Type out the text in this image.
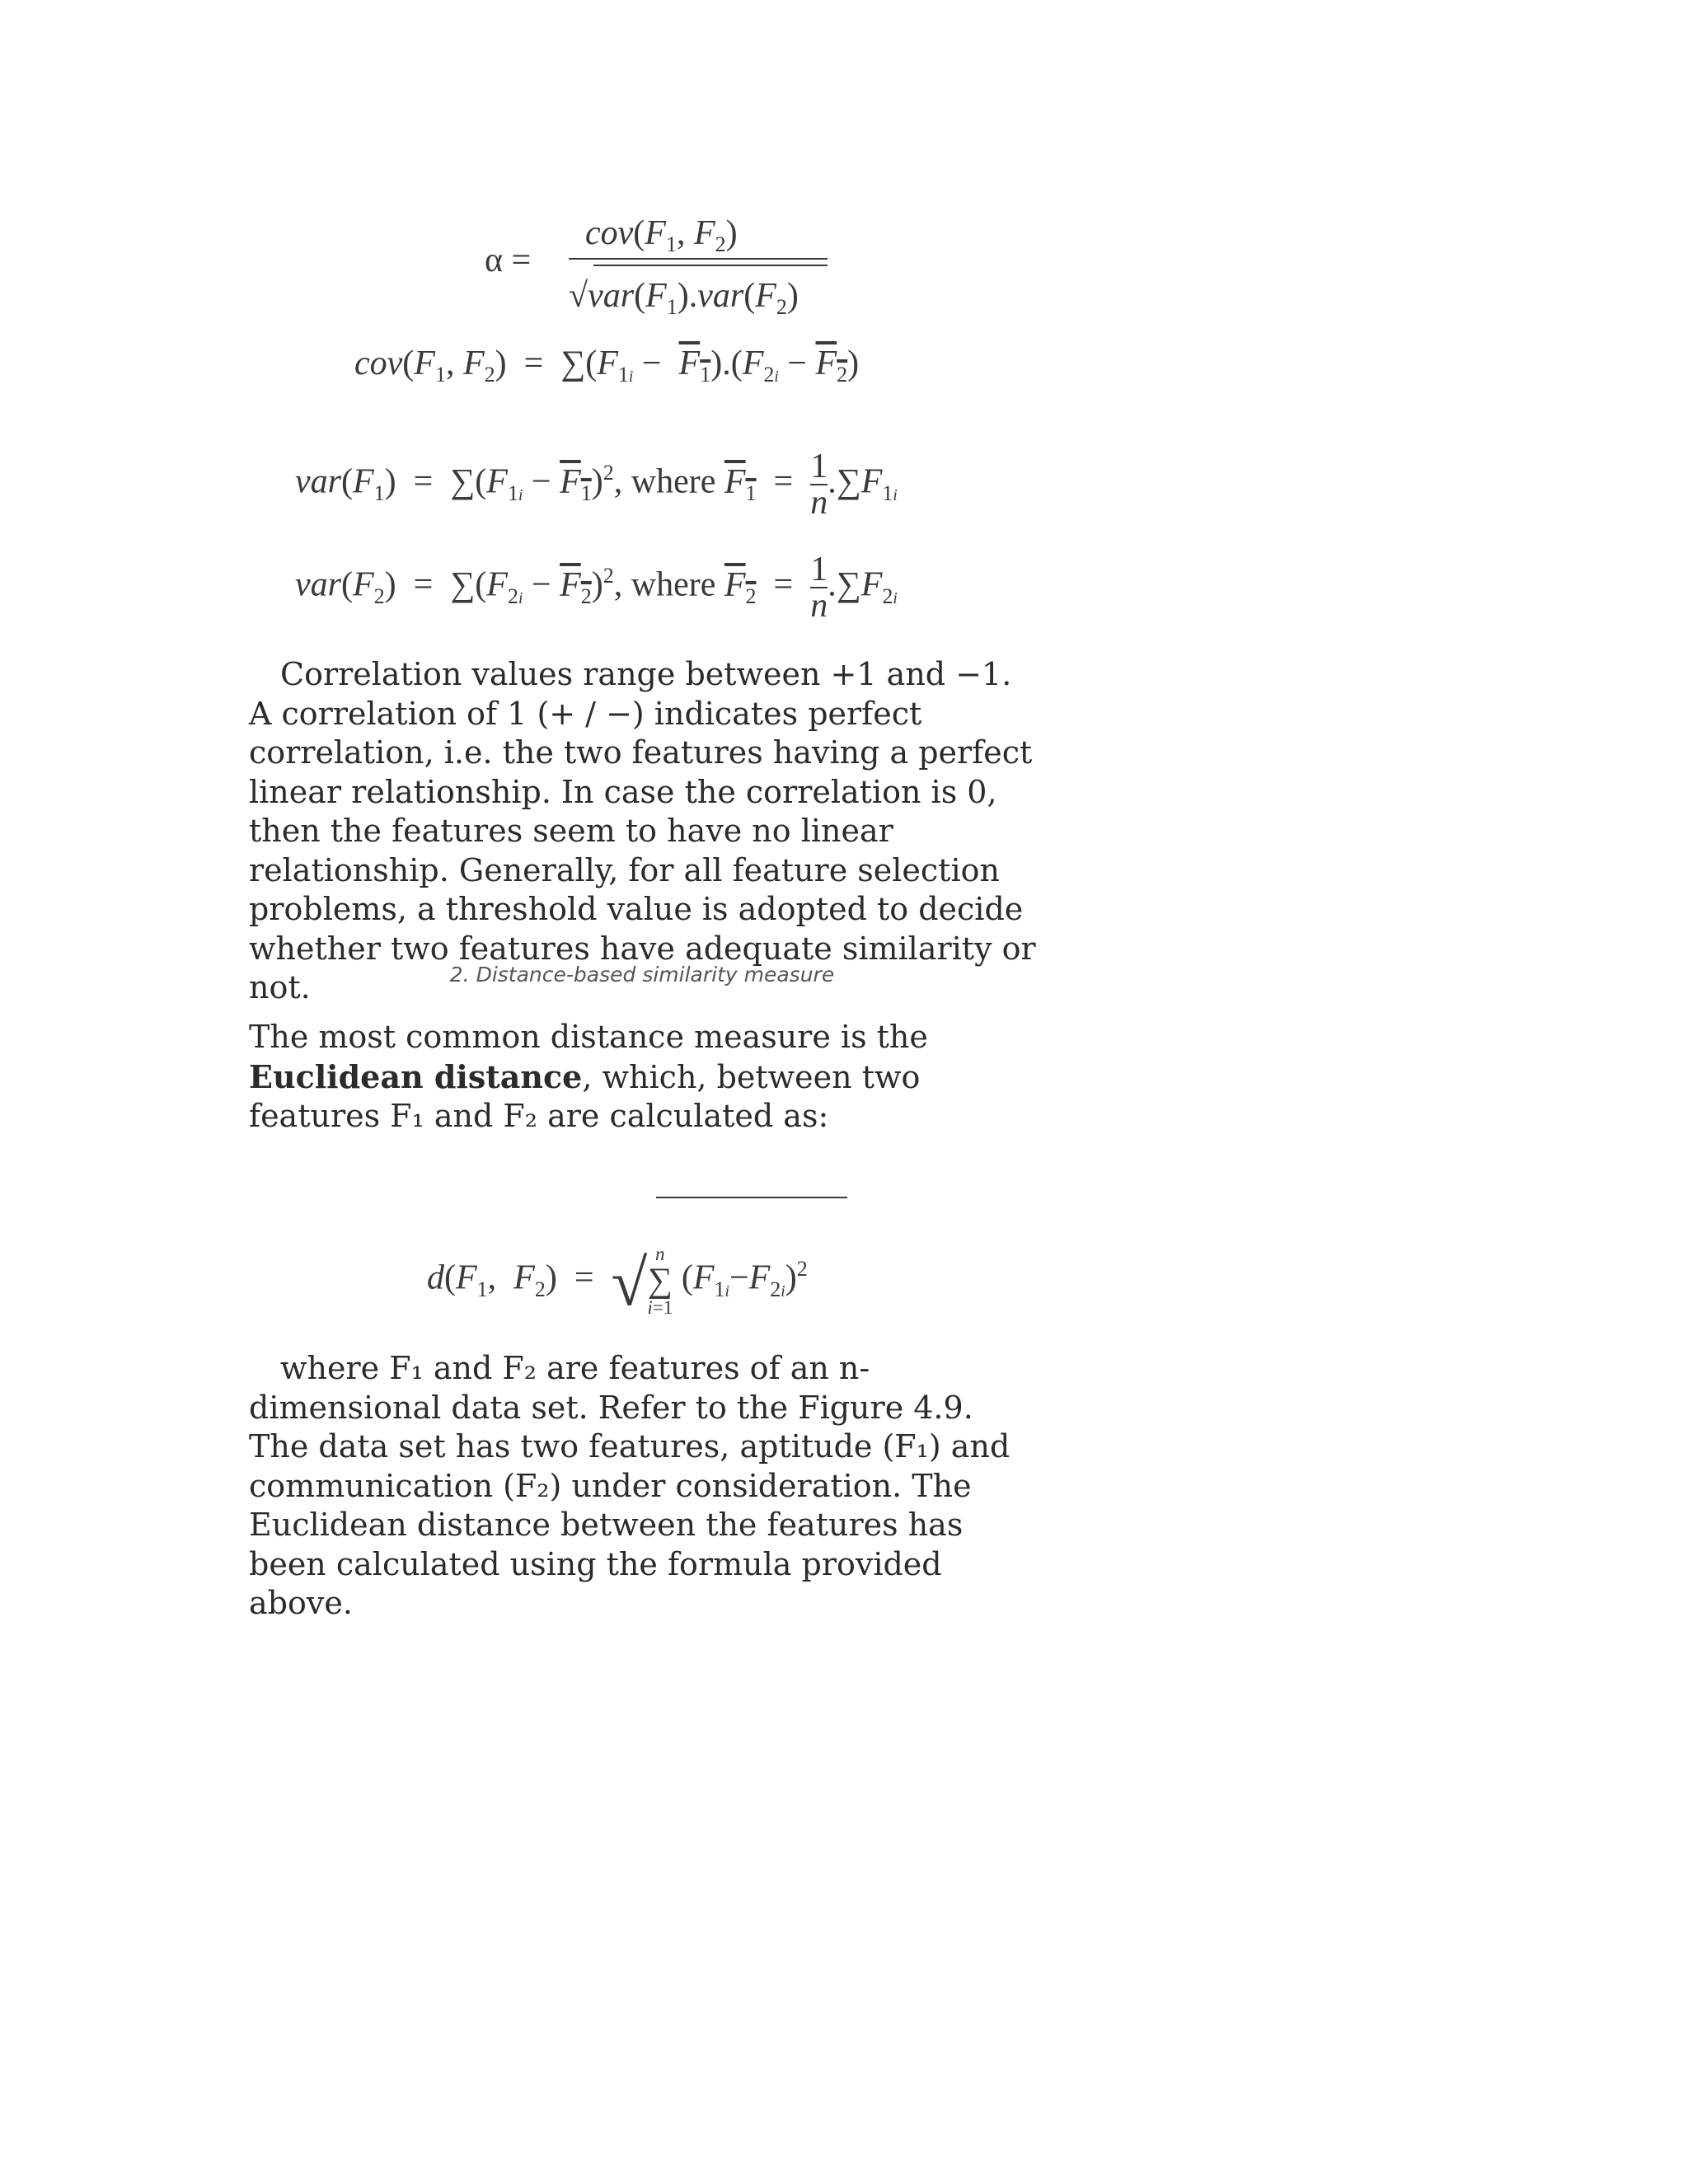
α =
$cov(F_1$, $F_2$)
$√var(F_1).var(F_2)$
$cov(F_1$, $F_2) = \sum(F_{1i} - F_1).(F_{2i} - F_2)$
$var(F_1) = \sum(F_{1i} - F_1)^2$, where $F_1 = \frac{1}{n} .\sum F_{1i}$
$var(F_2) = \sum(F_{2i} - F_2)^2$, where $F_2 = \frac{1}{n} .\sum F_{2i}$

Correlation values range between +1 and −1. A correlation of 1 (+ / −) indicates perfect correlation, i.e. the two features having a perfect linear relationship. In case the correlation is 0, then the features seem to have no linear relationship. Generally, for all feature selection problems, a threshold value is adopted to decide whether two features have adequate similarity or not.	2. Distance-based similarity measure

The most common distance measure is the Euclidean distance, which, between two features F₁ and F₂ are calculated as:

$d(F_1$,  $F_2$)  =  √ n
∑
i=1
$(F_{1i}-F_{2i})^2$

where F₁ and F₂ are features of an n-dimensional data set. Refer to the Figure 4.9. The data set has two features, aptitude (F₁) and communication (F₂) under consideration. The Euclidean distance between the features has been calculated using the formula provided above.
